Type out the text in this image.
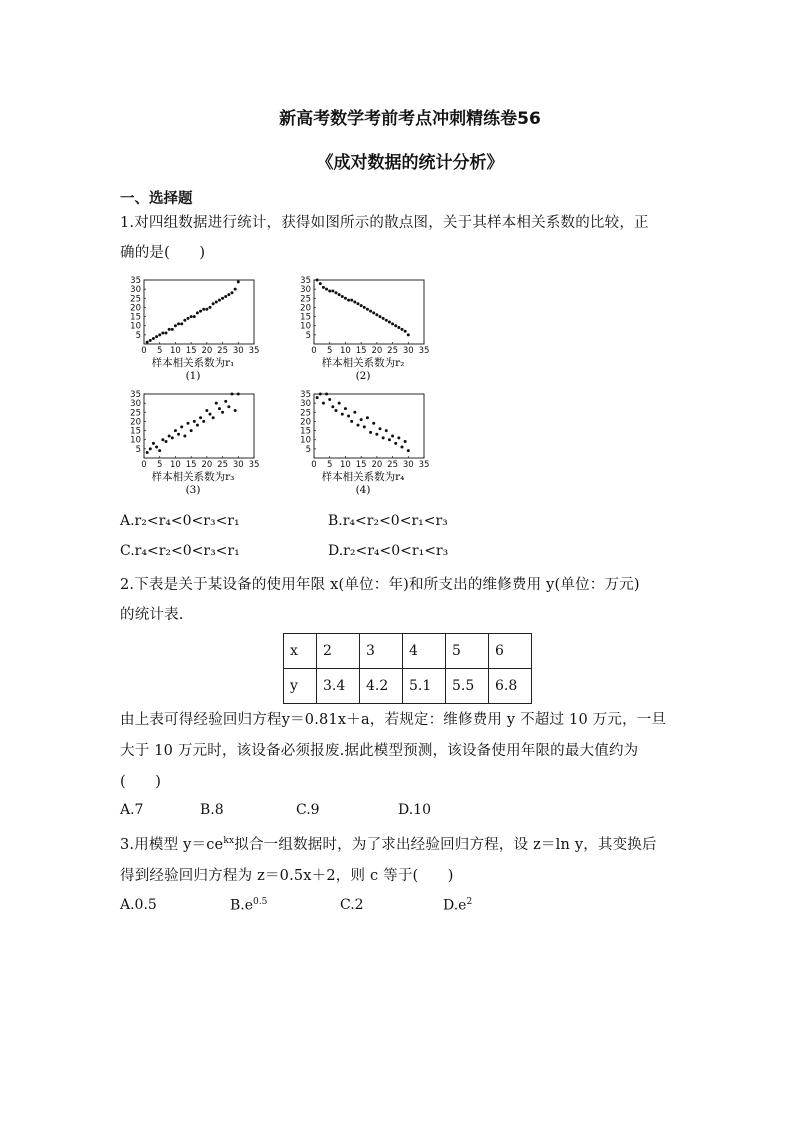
新高考数学考前考点冲刺精练卷56
《成对数据的统计分析》
一、选择题
1.对四组数据进行统计，获得如图所示的散点图，关于其样本相关系数的比较，正
确的是(　　)
5
10
15
20
25
30
35
0 5 10 15 20 25 30 35
样本相关系数为r₁
(1)
5
10
15
20
25
30
35
0 5 10 15 20 25 30 35
样本相关系数为r₂
(2)
5
10
15
20
25
30
35
0 5 10 15 20 25 30 35
样本相关系数为r₃
(3)
5
10
15
20
25
30
35
0 5 10 15 20 25 30 35
样本相关系数为r₄
(4)
A.r₂<r₄<0<r₃<r₁	B.r₄<r₂<0<r₁<r₃
C.r₄<r₂<0<r₃<r₁	D.r₂<r₄<0<r₁<r₃
2.下表是关于某设备的使用年限 x(单位：年)和所支出的维修费用 y(单位：万元)
的统计表.
x	2	3	4	5	6
y	3.4	4.2	5.1	5.5	6.8
由上表可得经验回归方程y＝0.81x＋a，若规定：维修费用 y 不超过 10 万元，一旦
大于 10 万元时，该设备必须报废.据此模型预测，该设备使用年限的最大值约为
(　　)
A.7	B.8	C.9	D.10
3.用模型 $y=ce^{kx}$拟合一组数据时，为了求出经验回归方程，设 z＝ln y，其变换后
得到经验回归方程为 z＝0.5x＋2，则 c 等于(　　)
A.0.5	$B.e^{0.5}$	C.2	$D.e^2$
